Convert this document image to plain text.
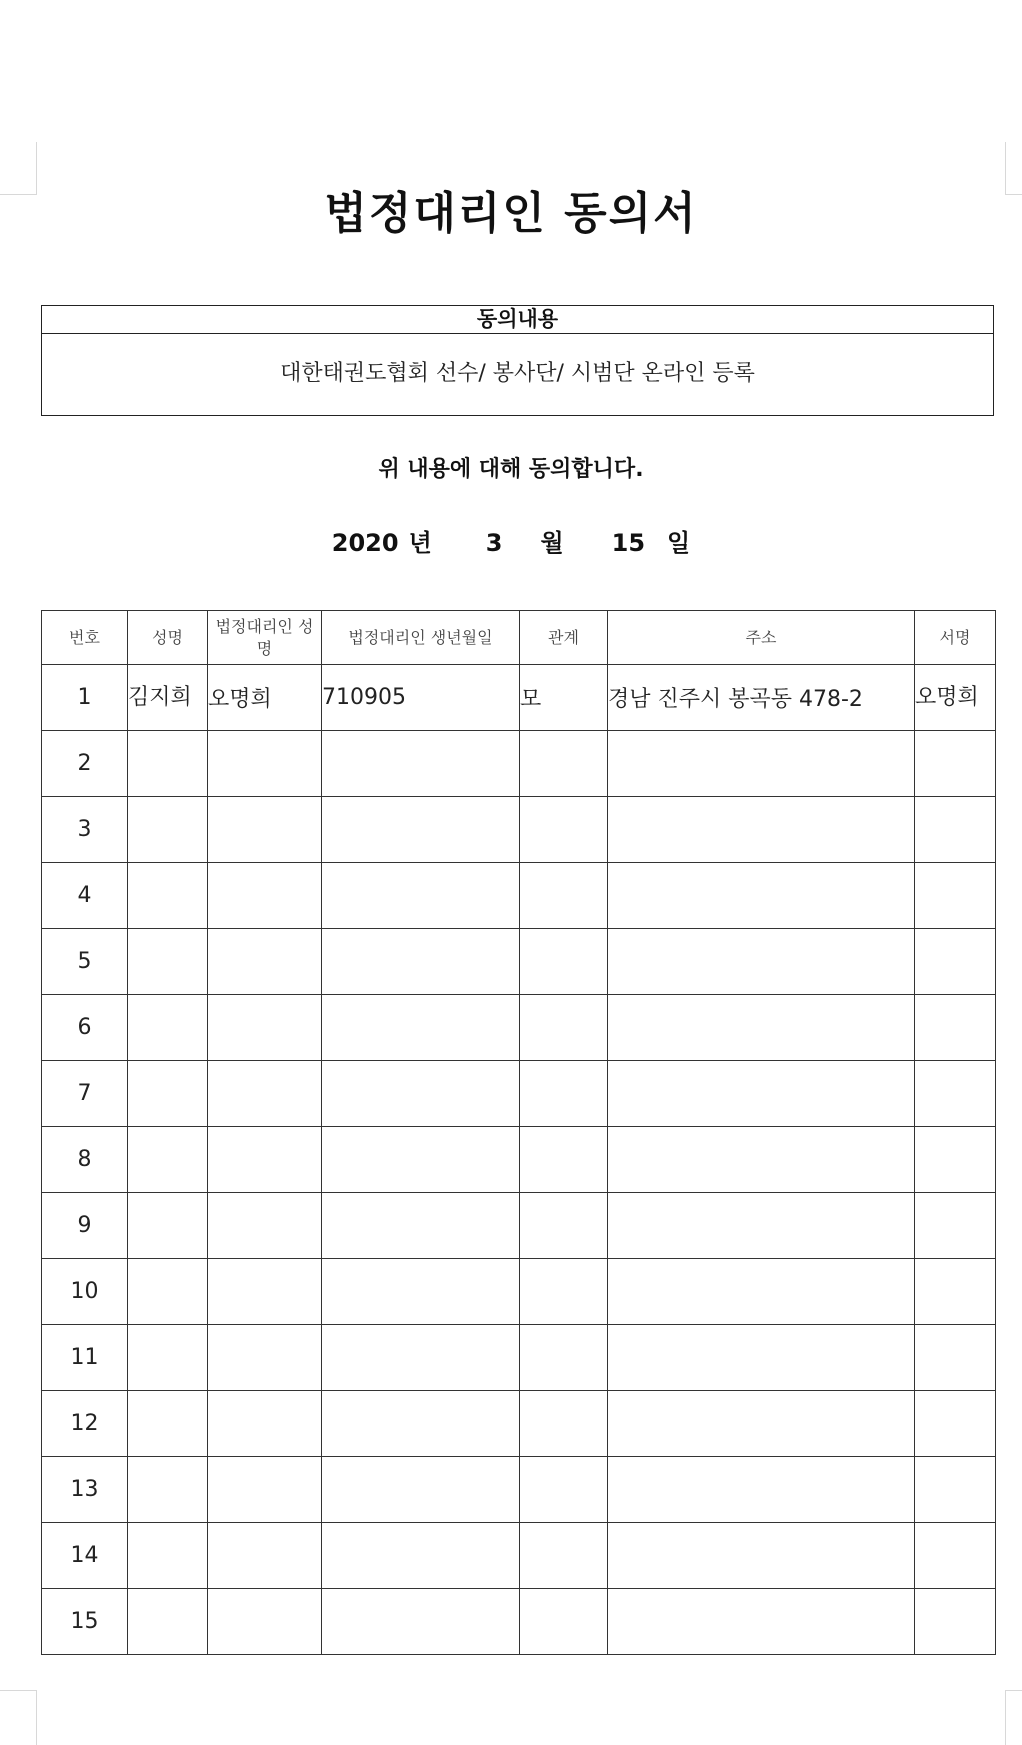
법정대리인 동의서
동의내용
대한태권도협회 선수/ 봉사단/ 시범단 온라인 등록
위 내용에 대해 동의합니다.
2020 년 3 월 15 일
번호	성명	법정대리인 성명	법정대리인 생년월일	관계	주소	서명
1	김지희	오명희	710905	모	경남 진주시 봉곡동 478-2	오명희
2						
3						
4						
5						
6						
7						
8						
9						
10						
11						
12						
13						
14						
15						
